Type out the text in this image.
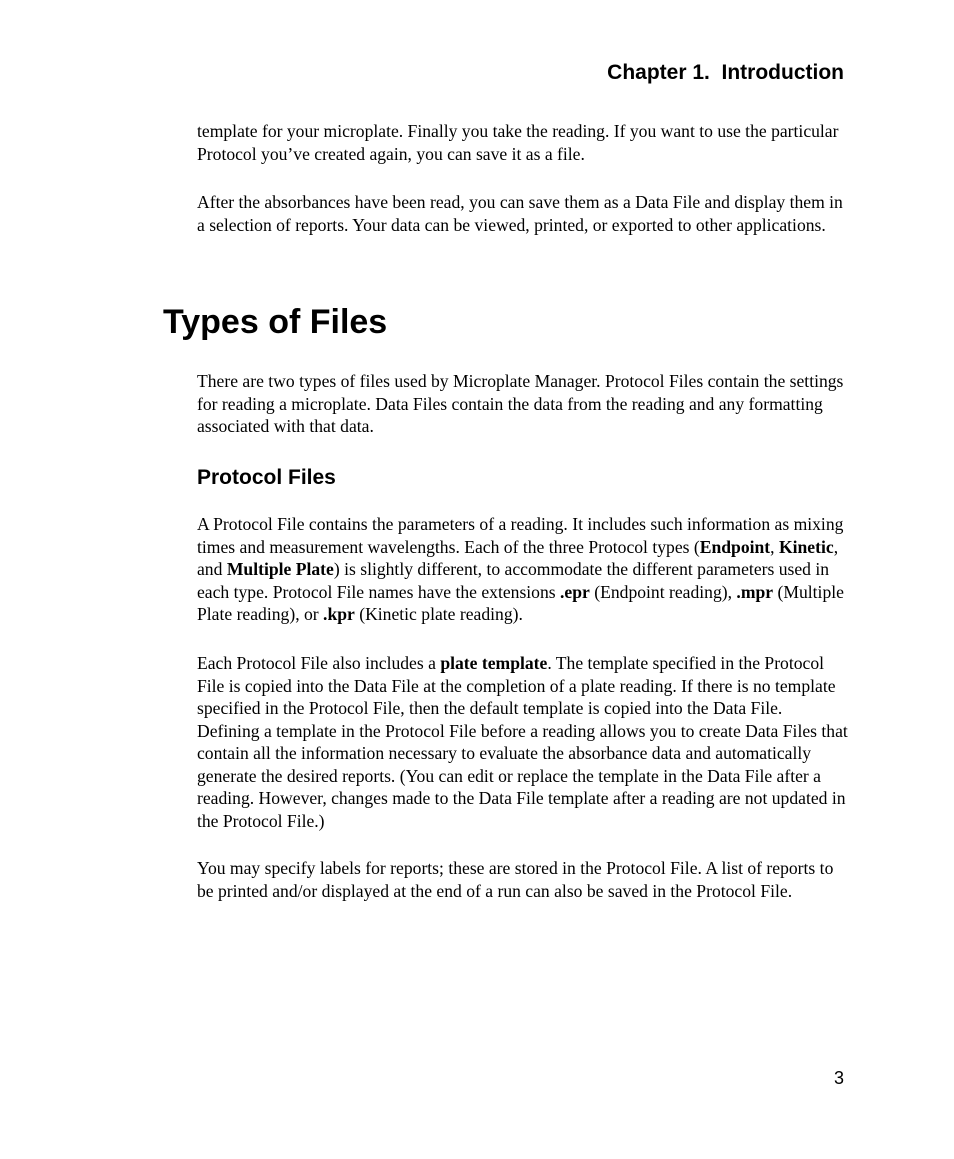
Chapter 1.  Introduction

template for your microplate. Finally you take the reading. If you want to use the particular Protocol you’ve created again, you can save it as a file.

After the absorbances have been read, you can save them as a Data File and display them in a selection of reports. Your data can be viewed, printed, or exported to other applications.

Types of Files

There are two types of files used by Microplate Manager. Protocol Files contain the settings for reading a microplate. Data Files contain the data from the reading and any formatting associated with that data.

Protocol Files

A Protocol File contains the parameters of a reading. It includes such information as mixing times and measurement wavelengths. Each of the three Protocol types (Endpoint, Kinetic, and Multiple Plate) is slightly different, to accommodate the different parameters used in each type. Protocol File names have the extensions .epr (Endpoint reading), .mpr (Multiple Plate reading), or .kpr (Kinetic plate reading).

Each Protocol File also includes a plate template. The template specified in the Protocol File is copied into the Data File at the completion of a plate reading. If there is no template specified in the Protocol File, then the default template is copied into the Data File. Defining a template in the Protocol File before a reading allows you to create Data Files that contain all the information necessary to evaluate the absorbance data and automatically generate the desired reports. (You can edit or replace the template in the Data File after a reading. However, changes made to the Data File template after a reading are not updated in the Protocol File.)

You may specify labels for reports; these are stored in the Protocol File. A list of reports to be printed and/or displayed at the end of a run can also be saved in the Protocol File.

3
